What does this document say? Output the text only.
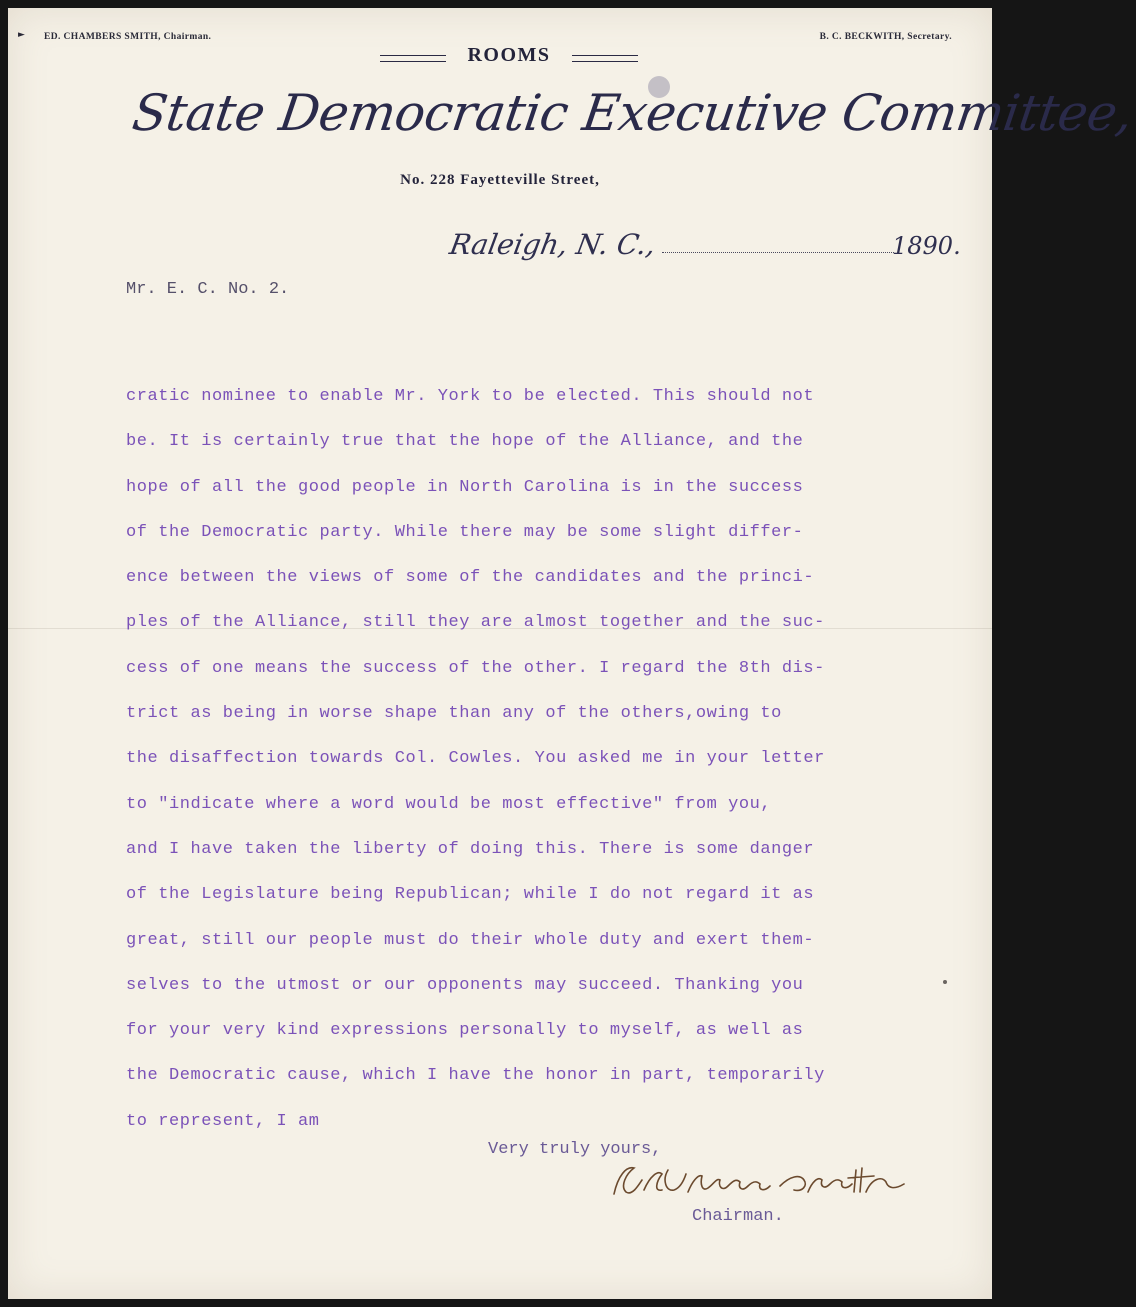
► ED. CHAMBERS SMITH, Chairman.	B. C. BECKWITH, Secretary.
ROOMS
State Democratic Executive Committee,
No. 228 Fayetteville Street,
Raleigh, N. C.,	1890.
Mr. E. C. No. 2.
cratic nominee to enable Mr. York to be elected. This should not
be. It is certainly true that the hope of the Alliance, and the
hope of all the good people in North Carolina is in the success
of the Democratic party. While there may be some slight differ-
ence between the views of some of the candidates and the princi-
ples of the Alliance, still they are almost together and the suc-
cess of one means the success of the other. I regard the 8th dis-
trict as being in worse shape than any of the others,owing to
the disaffection towards Col. Cowles. You asked me in your letter
to "indicate where a word would be most effective" from you,
and I have taken the liberty of doing this. There is some danger
of the Legislature being Republican; while I do not regard it as
great, still our people must do their whole duty and exert them-
selves to the utmost or our opponents may succeed. Thanking you
for your very kind expressions personally to myself, as well as
the Democratic cause, which I have the honor in part, temporarily
to represent, I am
Very truly yours,
Chairman.
